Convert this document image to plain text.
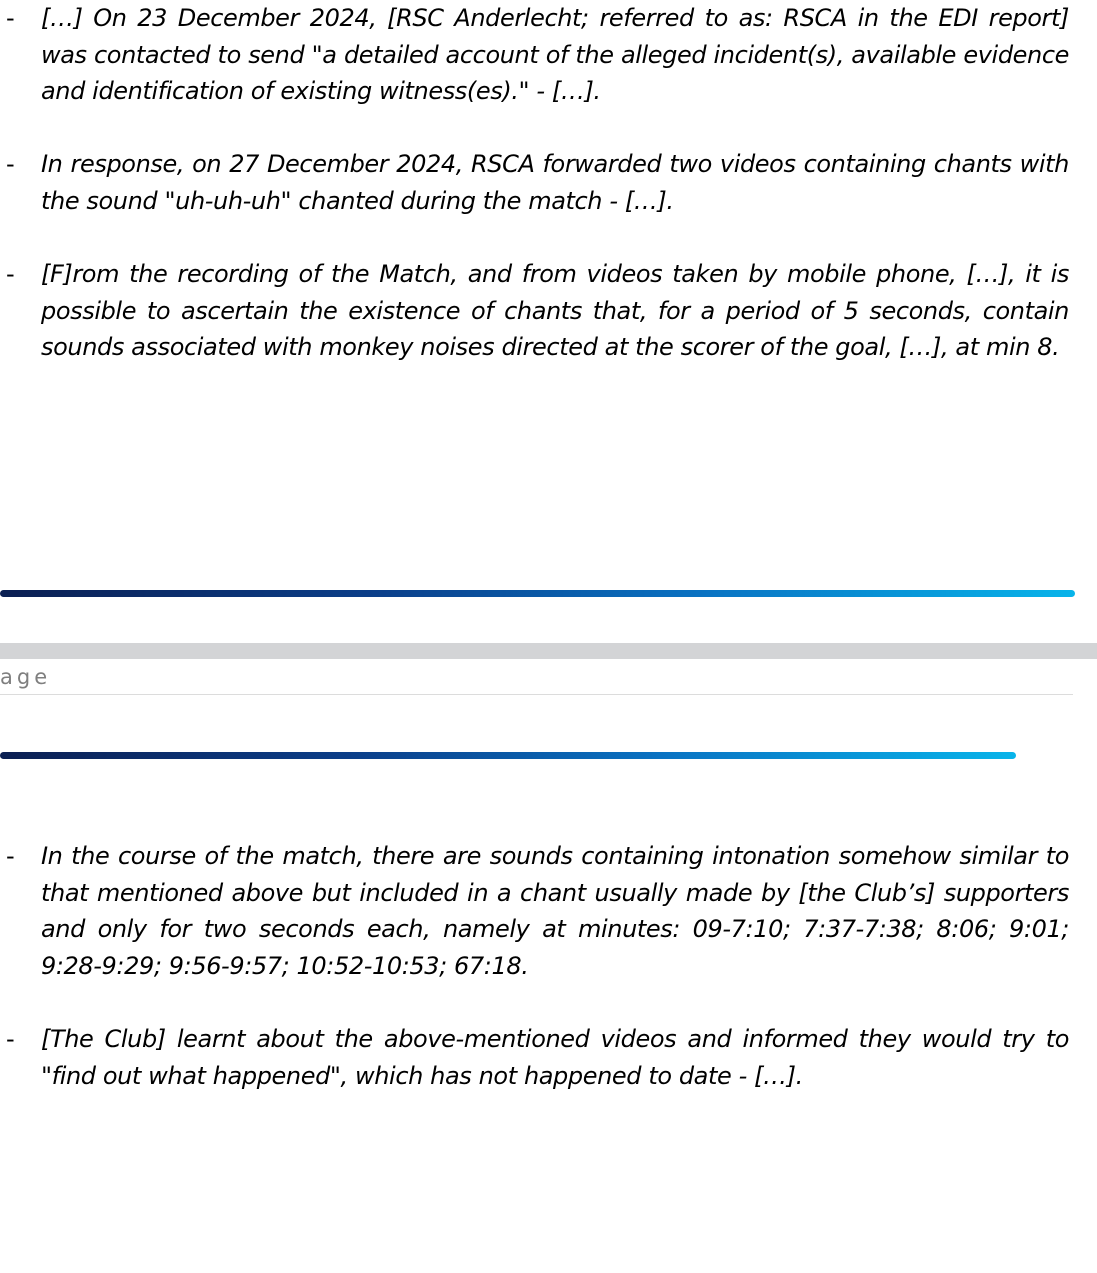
- […] On 23 December 2024, [RSC Anderlecht; referred to as: RSCA in the EDI report] was contacted to send "a detailed account of the alleged incident(s), available evidence and identification of existing witness(es)." - […].
- In response, on 27 December 2024, RSCA forwarded two videos containing chants with the sound "uh-uh-uh" chanted during the match - […].
- [F]rom the recording of the Match, and from videos taken by mobile phone, […], it is possible to ascertain the existence of chants that, for a period of 5 seconds, contain sounds associated with monkey noises directed at the scorer of the goal, […], at min 8.
age
- In the course of the match, there are sounds containing intonation somehow similar to that mentioned above but included in a chant usually made by [the Club’s] supporters and only for two seconds each, namely at minutes: 09-7:10; 7:37-7:38; 8:06; 9:01; 9:28-9:29; 9:56-9:57; 10:52-10:53; 67:18.
- [The Club] learnt about the above-mentioned videos and informed they would try to "find out what happened", which has not happened to date - […].
